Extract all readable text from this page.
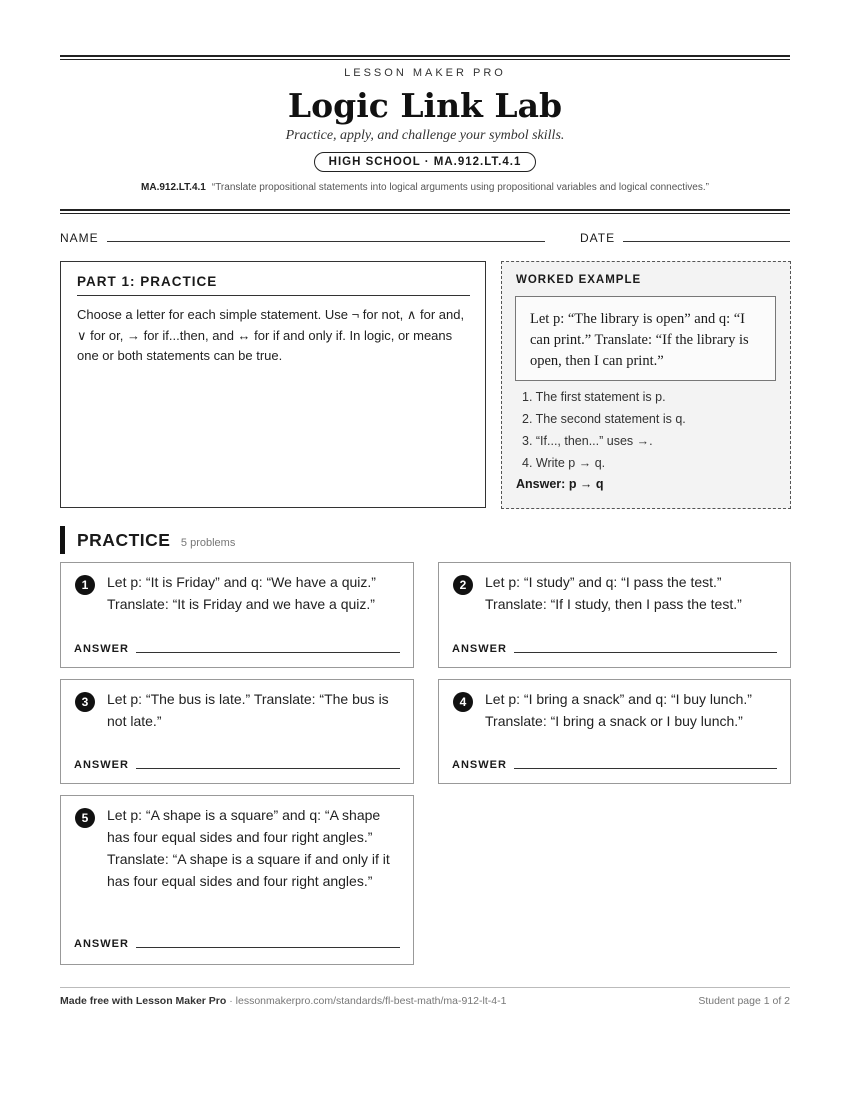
LESSON MAKER PRO
Logic Link Lab
Practice, apply, and challenge your symbol skills.
HIGH SCHOOL · MA.912.LT.4.1
MA.912.LT.4.1 “Translate propositional statements into logical arguments using propositional variables and logical connectives.”
NAME	DATE
PART 1: PRACTICE
Choose a letter for each simple statement. Use ¬ for not, ∧ for and, ∨ for or, → for if...then, and ↔ for if and only if. In logic, or means one or both statements can be true.
WORKED EXAMPLE
Let p: “The library is open” and q: “I can print.” Translate: “If the library is open, then I can print.”
1. The first statement is p.
2. The second statement is q.
3. “If..., then...” uses →.
4. Write p → q.
Answer: p → q
PRACTICE 5 problems
1	Let p: “It is Friday” and q: “We have a quiz.” Translate: “It is Friday and we have a quiz.”
ANSWER
2	Let p: “I study” and q: “I pass the test.” Translate: “If I study, then I pass the test.”
ANSWER
3	Let p: “The bus is late.” Translate: “The bus is not late.”
ANSWER
4	Let p: “I bring a snack” and q: “I buy lunch.” Translate: “I bring a snack or I buy lunch.”
ANSWER
5	Let p: “A shape is a square” and q: “A shape has four equal sides and four right angles.” Translate: “A shape is a square if and only if it has four equal sides and four right angles.”
ANSWER
Made free with Lesson Maker Pro · lessonmakerpro.com/standards/fl-best-math/ma-912-lt-4-1	Student page 1 of 2
